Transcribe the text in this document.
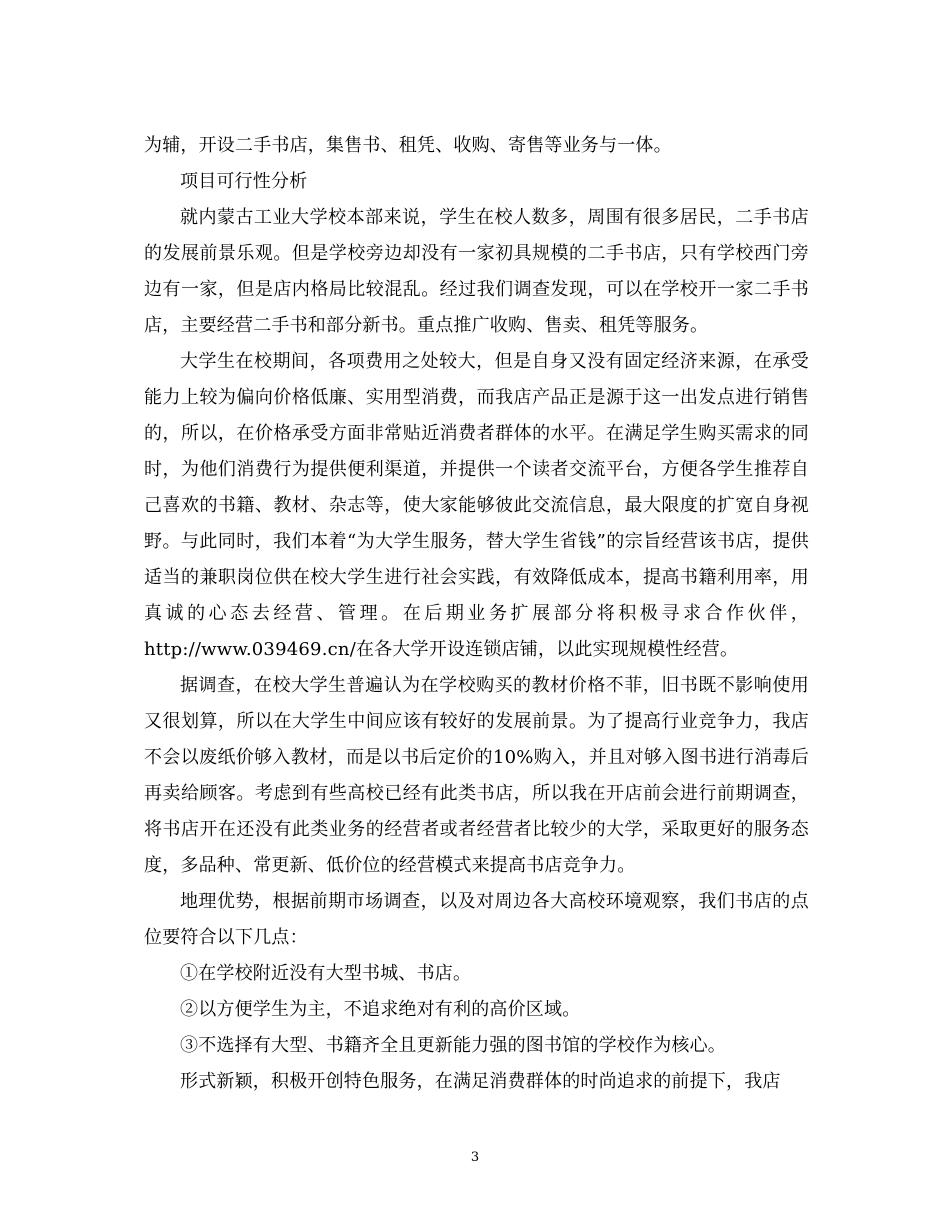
为辅，开设二手书店，集售书、租凭、收购、寄售等业务与一体。

项目可行性分析

就内蒙古工业大学校本部来说，学生在校人数多，周围有很多居民，二手书店的发展前景乐观。但是学校旁边却没有一家初具规模的二手书店，只有学校西门旁边有一家，但是店内格局比较混乱。经过我们调查发现，可以在学校开一家二手书店，主要经营二手书和部分新书。重点推广收购、售卖、租凭等服务。

大学生在校期间，各项费用之处较大，但是自身又没有固定经济来源，在承受能力上较为偏向价格低廉、实用型消费，而我店产品正是源于这一出发点进行销售的，所以，在价格承受方面非常贴近消费者群体的水平。在满足学生购买需求的同时，为他们消费行为提供便利渠道，并提供一个读者交流平台，方便各学生推荐自己喜欢的书籍、教材、杂志等，使大家能够彼此交流信息，最大限度的扩宽自身视野。与此同时，我们本着“为大学生服务，替大学生省钱”的宗旨经营该书店，提供适当的兼职岗位供在校大学生进行社会实践，有效降低成本，提高书籍利用率，用真诚的心态去经营、管理。在后期业务扩展部分将积极寻求合作伙伴，http://www.039469.cn/在各大学开设连锁店铺，以此实现规模性经营。

据调查，在校大学生普遍认为在学校购买的教材价格不菲，旧书既不影响使用又很划算，所以在大学生中间应该有较好的发展前景。为了提高行业竞争力，我店不会以废纸价够入教材，而是以书后定价的10%购入，并且对够入图书进行消毒后再卖给顾客。考虑到有些高校已经有此类书店，所以我在开店前会进行前期调查，将书店开在还没有此类业务的经营者或者经营者比较少的大学，采取更好的服务态度，多品种、常更新、低价位的经营模式来提高书店竞争力。

地理优势，根据前期市场调查，以及对周边各大高校环境观察，我们书店的点位要符合以下几点：

①在学校附近没有大型书城、书店。

②以方便学生为主，不追求绝对有利的高价区域。

③不选择有大型、书籍齐全且更新能力强的图书馆的学校作为核心。

形式新颖，积极开创特色服务，在满足消费群体的时尚追求的前提下，我店

3
